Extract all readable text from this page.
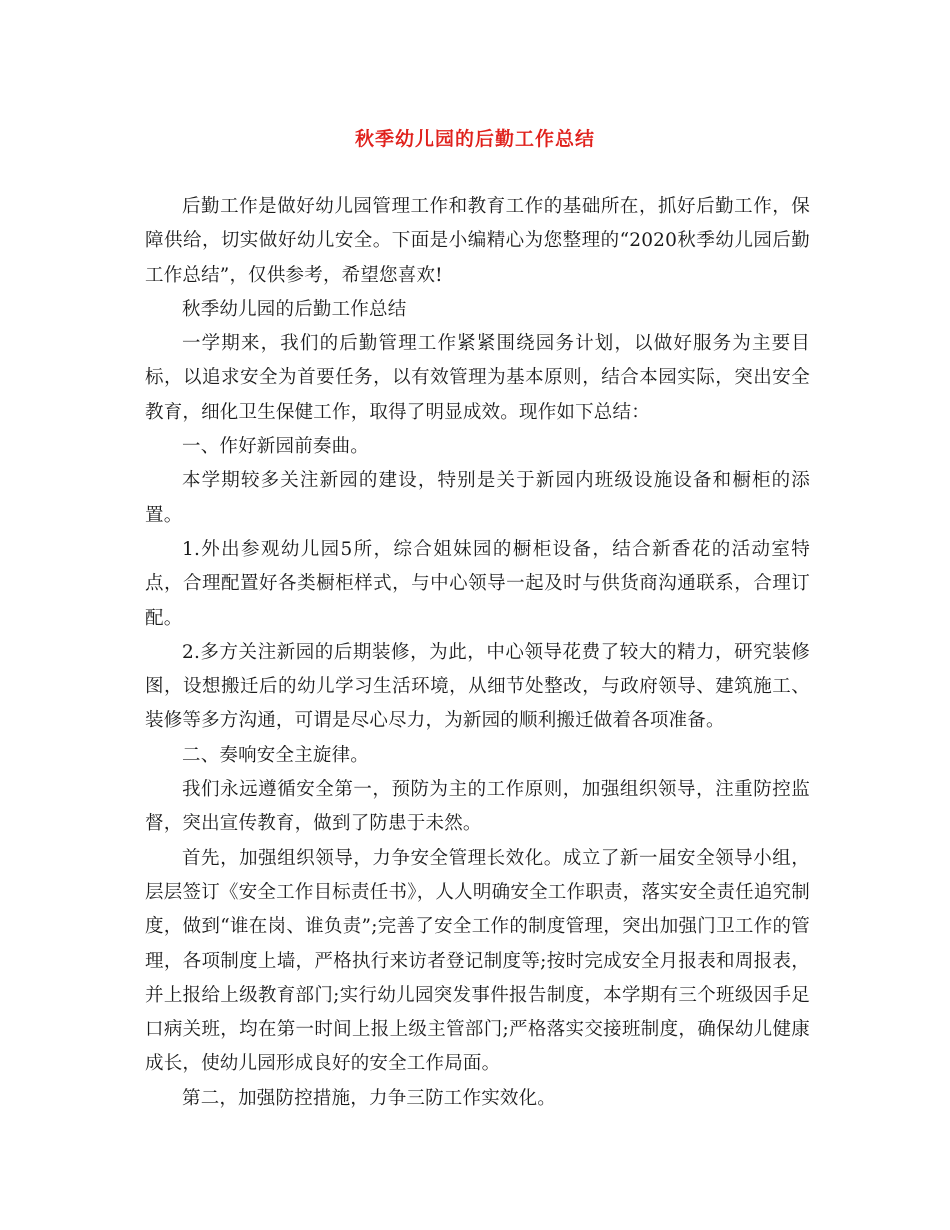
秋季幼儿园的后勤工作总结

后勤工作是做好幼儿园管理工作和教育工作的基础所在，抓好后勤工作，保障供给，切实做好幼儿安全。下面是小编精心为您整理的“2020秋季幼儿园后勤工作总结”，仅供参考，希望您喜欢!

秋季幼儿园的后勤工作总结

一学期来，我们的后勤管理工作紧紧围绕园务计划，以做好服务为主要目标，以追求安全为首要任务，以有效管理为基本原则，结合本园实际，突出安全教育，细化卫生保健工作，取得了明显成效。现作如下总结：

一、作好新园前奏曲。

本学期较多关注新园的建设，特别是关于新园内班级设施设备和橱柜的添置。

1.外出参观幼儿园5所，综合姐妹园的橱柜设备，结合新香花的活动室特点，合理配置好各类橱柜样式，与中心领导一起及时与供货商沟通联系，合理订配。

2.多方关注新园的后期装修，为此，中心领导花费了较大的精力，研究装修图，设想搬迁后的幼儿学习生活环境，从细节处整改，与政府领导、建筑施工、装修等多方沟通，可谓是尽心尽力，为新园的顺利搬迁做着各项准备。

二、奏响安全主旋律。

我们永远遵循安全第一，预防为主的工作原则，加强组织领导，注重防控监督，突出宣传教育，做到了防患于未然。

首先，加强组织领导，力争安全管理长效化。成立了新一届安全领导小组，层层签订《安全工作目标责任书》，人人明确安全工作职责，落实安全责任追究制度，做到“谁在岗、谁负责”;完善了安全工作的制度管理，突出加强门卫工作的管理，各项制度上墙，严格执行来访者登记制度等;按时完成安全月报表和周报表，并上报给上级教育部门;实行幼儿园突发事件报告制度，本学期有三个班级因手足口病关班，均在第一时间上报上级主管部门;严格落实交接班制度，确保幼儿健康成长，使幼儿园形成良好的安全工作局面。

第二，加强防控措施，力争三防工作实效化。
